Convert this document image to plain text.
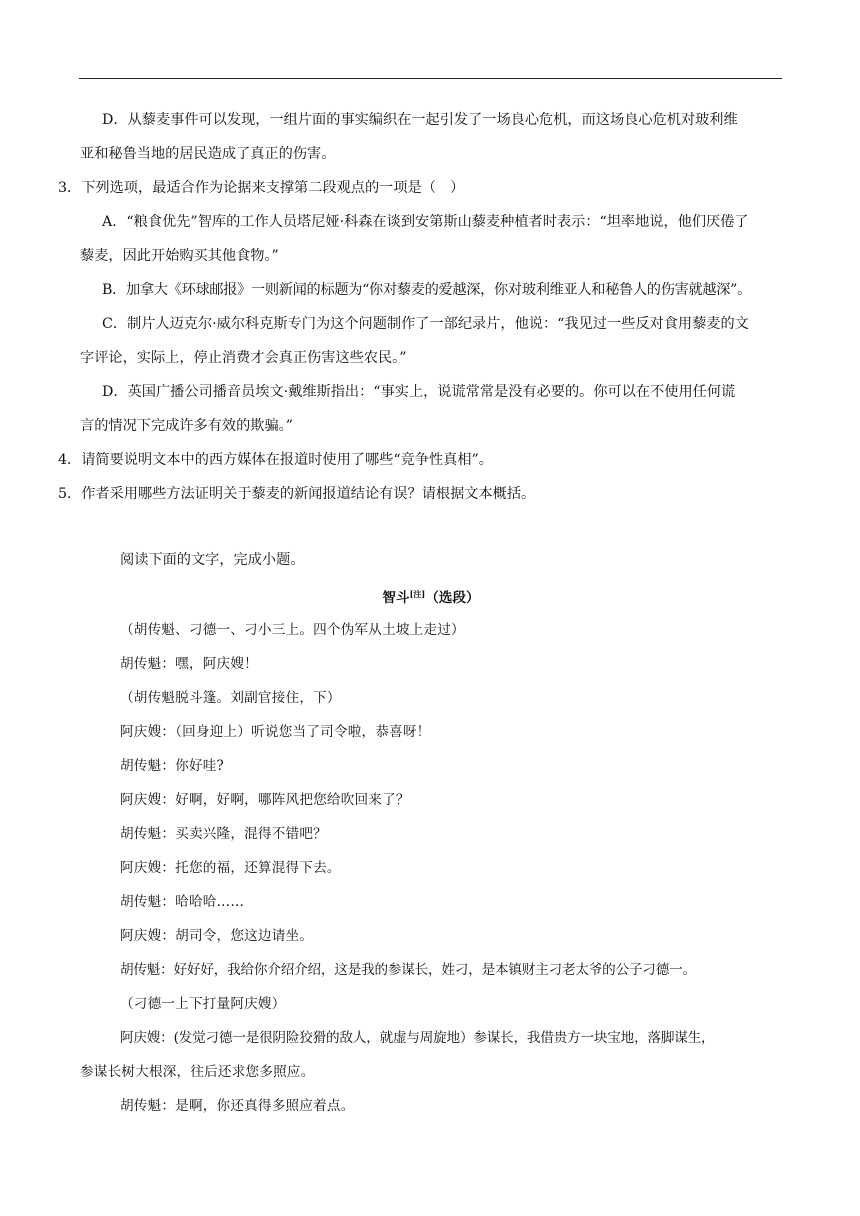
D．从藜麦事件可以发现，一组片面的事实编织在一起引发了一场良心危机，而这场良心危机对玻利维

亚和秘鲁当地的居民造成了真正的伤害。

3．下列选项，最适合作为论据来支撑第二段观点的一项是（　）

A．“粮食优先”智库的工作人员塔尼娅·科森在谈到安第斯山藜麦种植者时表示：“坦率地说，他们厌倦了

藜麦，因此开始购买其他食物。”

B．加拿大《环球邮报》一则新闻的标题为“你对藜麦的爱越深，你对玻利维亚人和秘鲁人的伤害就越深”。

C．制片人迈克尔·威尔科克斯专门为这个问题制作了一部纪录片，他说：“我见过一些反对食用藜麦的文

字评论，实际上，停止消费才会真正伤害这些农民。”

D．英国广播公司播音员埃文·戴维斯指出：“事实上，说谎常常是没有必要的。你可以在不使用任何谎

言的情况下完成许多有效的欺骗。”

4．请简要说明文本中的西方媒体在报道时使用了哪些“竞争性真相”。

5．作者采用哪些方法证明关于藜麦的新闻报道结论有误？请根据文本概括。

阅读下面的文字，完成小题。

智斗[注]（选段）

（胡传魁、刁德一、刁小三上。四个伪军从土坡上走过）

胡传魁：嘿，阿庆嫂！

（胡传魁脱斗篷。刘副官接住，下）

阿庆嫂：（回身迎上）听说您当了司令啦，恭喜呀！

胡传魁：你好哇?

阿庆嫂：好啊，好啊，哪阵风把您给吹回来了？

胡传魁：买卖兴隆，混得不错吧？

阿庆嫂：托您的福，还算混得下去。

胡传魁：哈哈哈……

阿庆嫂：胡司令，您这边请坐。

胡传魁：好好好，我给你介绍介绍，这是我的参谋长，姓刁，是本镇财主刁老太爷的公子刁德一。

（刁德一上下打量阿庆嫂）

阿庆嫂：(发觉刁德一是很阴险狡猾的敌人，就虚与周旋地）参谋长，我借贵方一块宝地，落脚谋生，

参谋长树大根深，往后还求您多照应。

胡传魁：是啊，你还真得多照应着点。
